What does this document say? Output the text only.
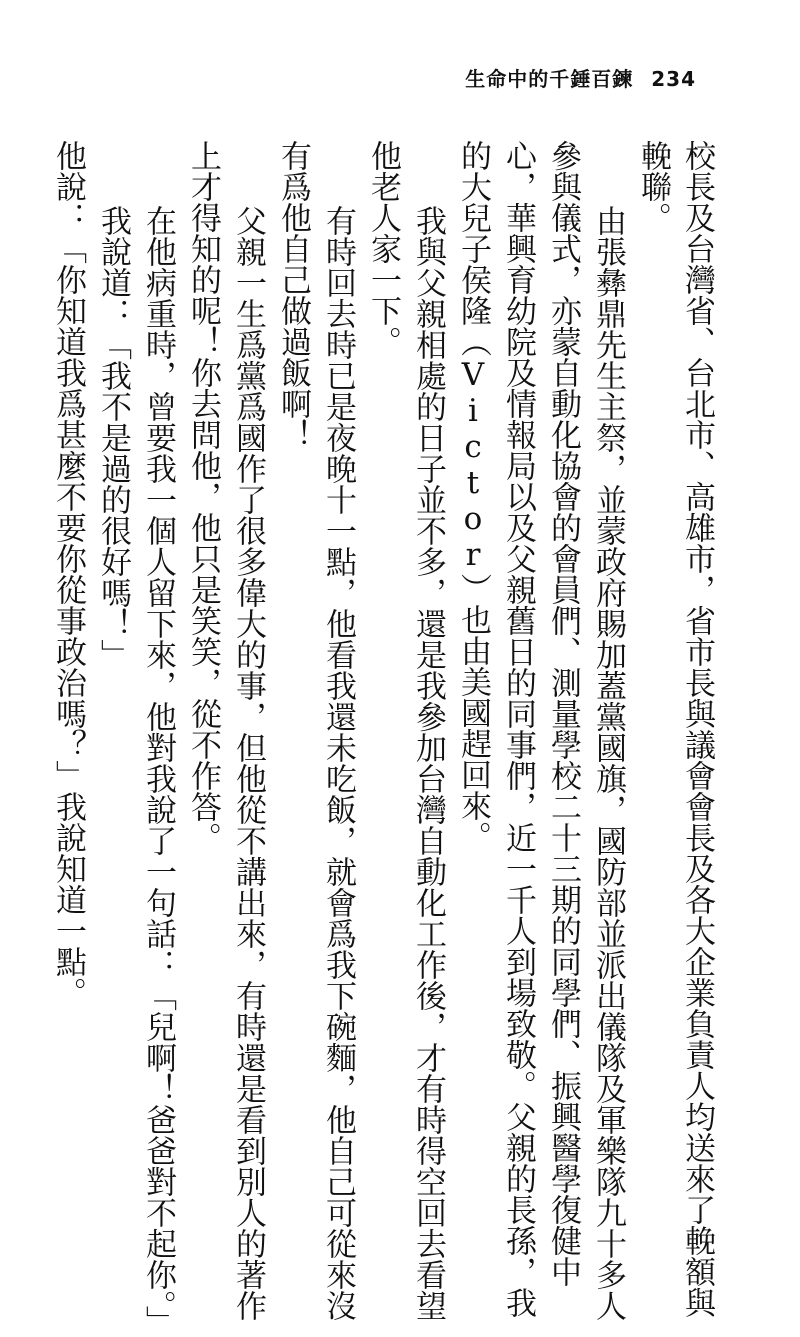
生命中的千錘百鍊 234
校長及台灣省、台北市、高雄市，省市長與議會會長及各大企業負責人均送來了輓額與
輓聯。
由張彝鼎先生主祭，並蒙政府賜加蓋黨國旗，國防部並派出儀隊及軍樂隊九十多人
參與儀式，亦蒙自動化協會的會員們、測量學校二十三期的同學們、振興醫學復健中
心，華興育幼院及情報局以及父親舊日的同事們，近一千人到場致敬。父親的長孫，我
的大兒子侯隆（Victor）也由美國趕回來。
我與父親相處的日子並不多，還是我參加台灣自動化工作後，才有時得空回去看望
他老人家一下。
有時回去時已是夜晚十一點，他看我還未吃飯，就會爲我下碗麵，他自己可從來沒
有爲他自己做過飯啊！
父親一生爲黨爲國作了很多偉大的事，但他從不講出來，有時還是看到別人的著作
上才得知的呢！你去問他，他只是笑笑，從不作答。
在他病重時，曾要我一個人留下來，他對我說了一句話：「兒啊！爸爸對不起你。」
我說道：「我不是過的很好嗎！」
他說：「你知道我爲甚麼不要你從事政治嗎？」我說知道一點。
